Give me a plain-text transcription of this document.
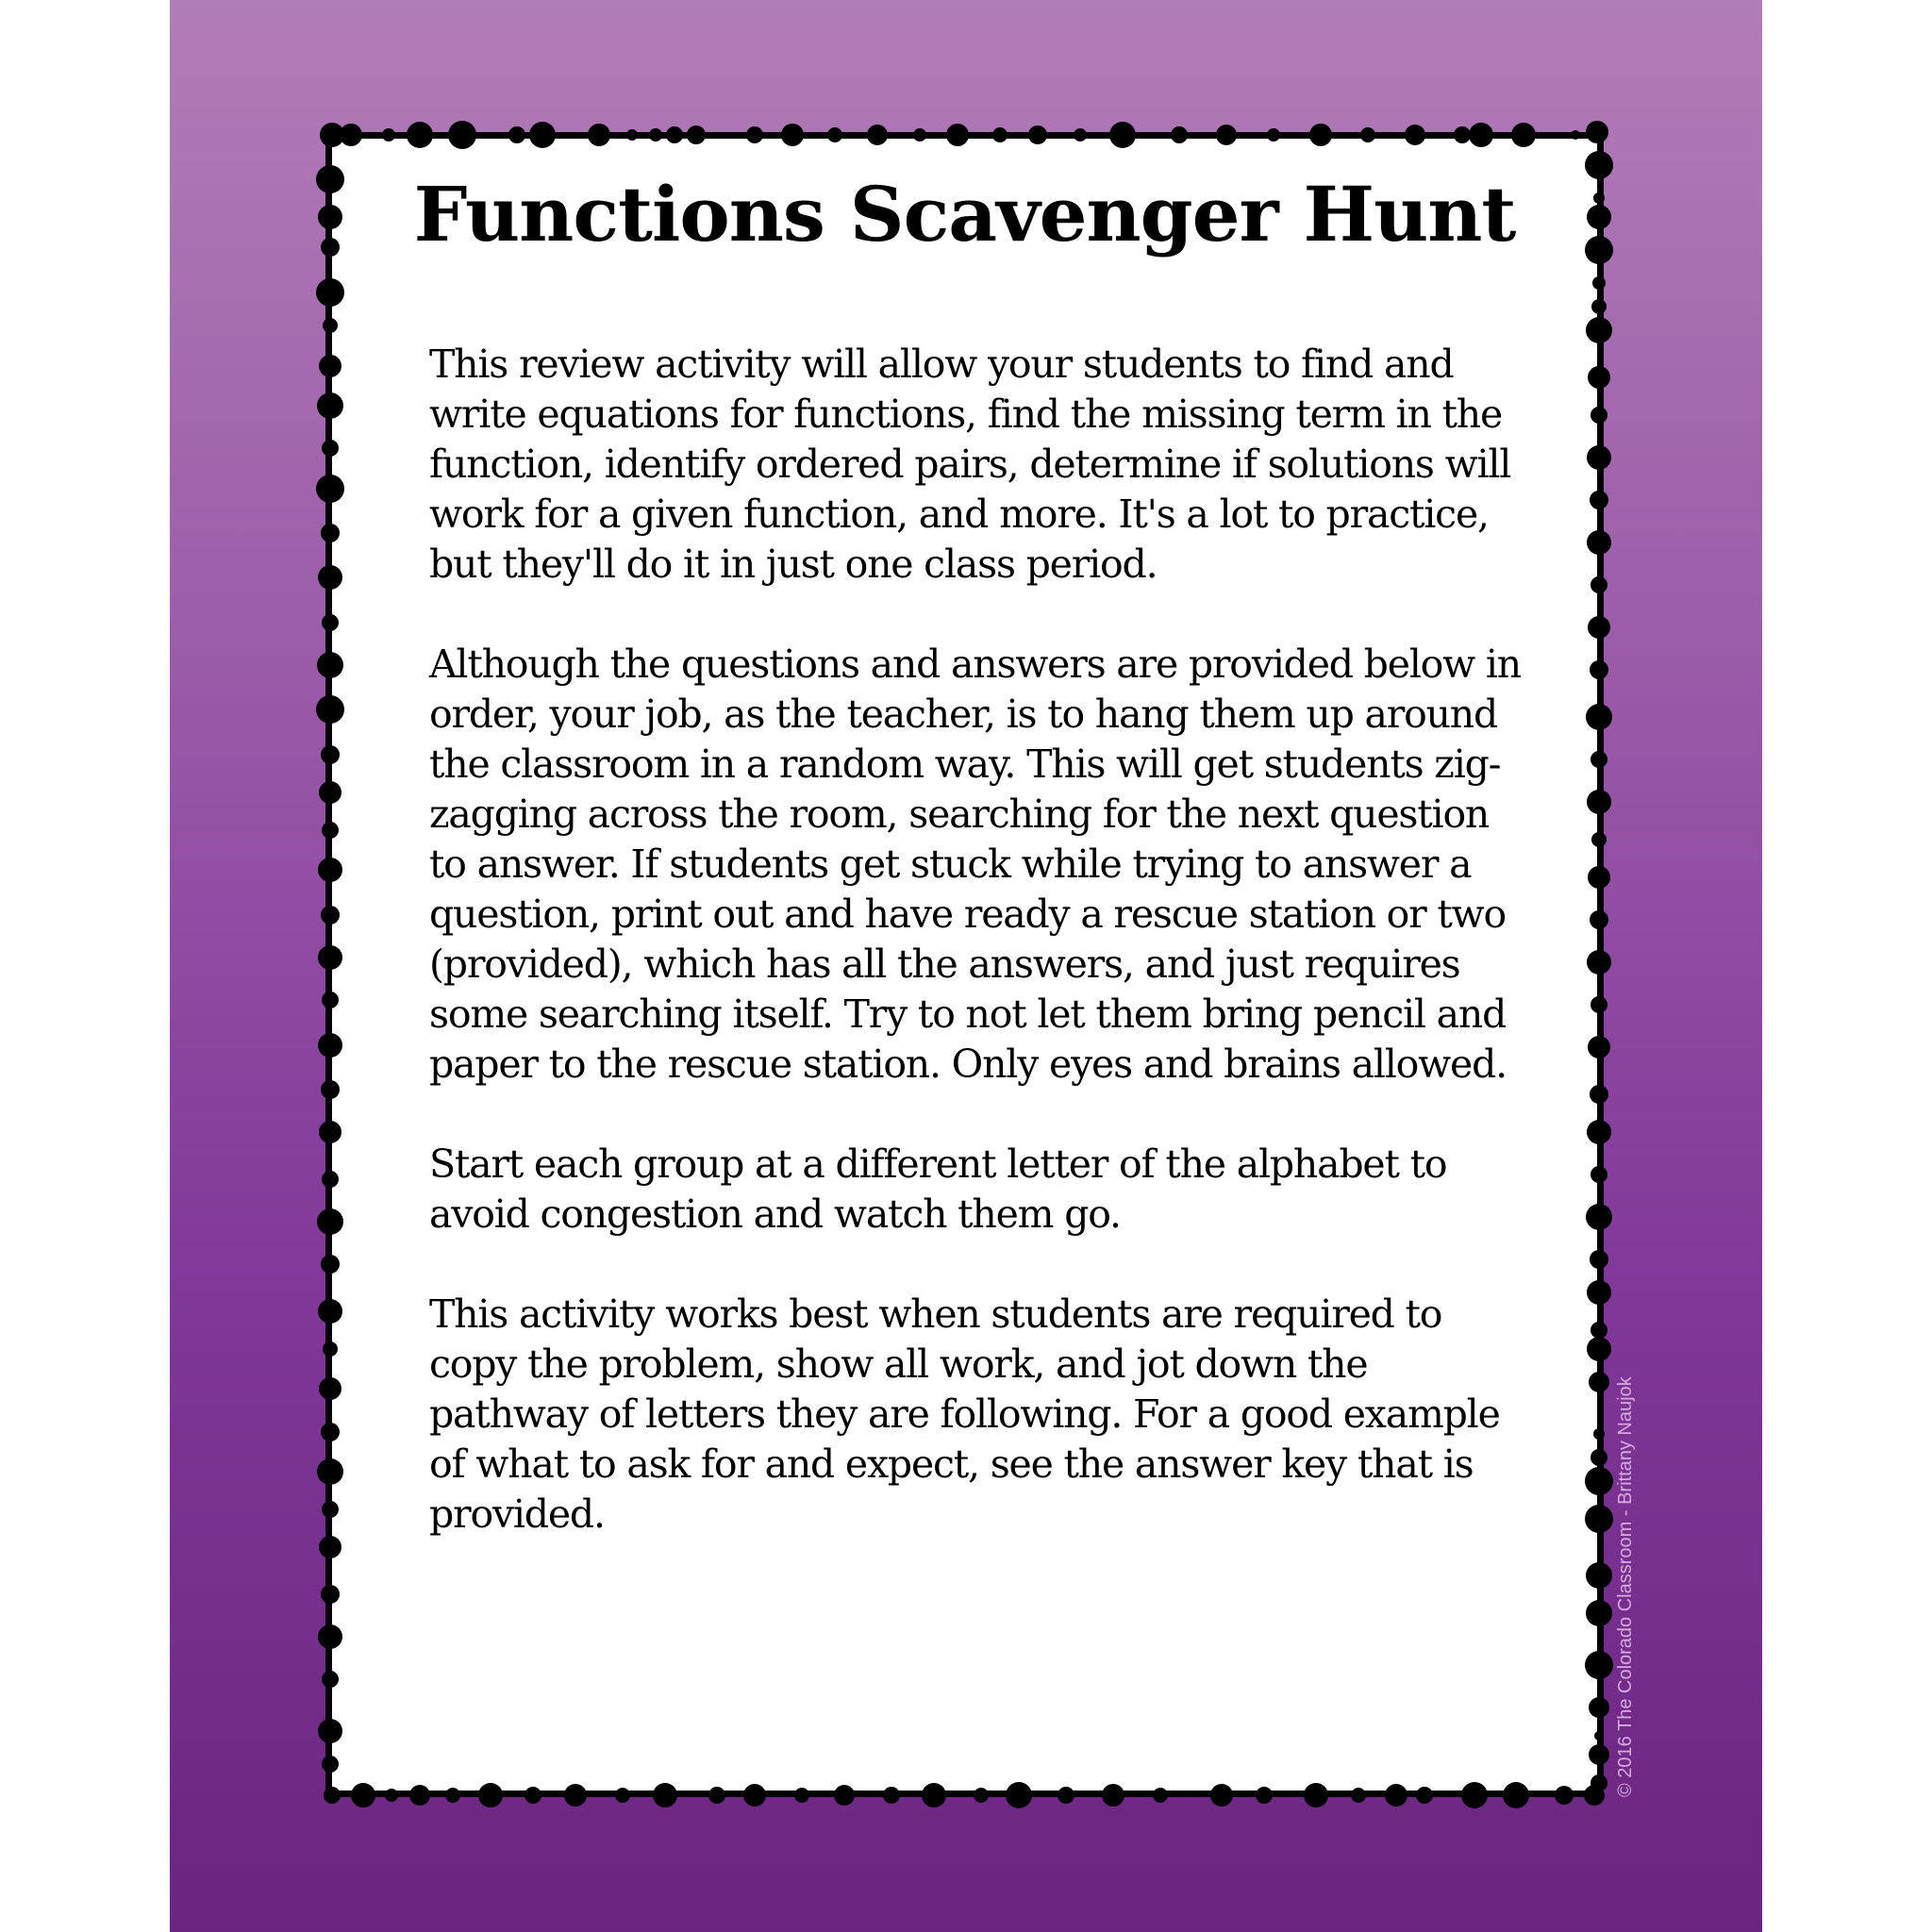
Functions Scavenger Hunt

This review activity will allow your students to find and write equations for functions, find the missing term in the function, identify ordered pairs, determine if solutions will work for a given function, and more. It's a lot to practice, but they'll do it in just one class period.

Although the questions and answers are provided below in order, your job, as the teacher, is to hang them up around the classroom in a random way. This will get students zig-zagging across the room, searching for the next question to answer. If students get stuck while trying to answer a question, print out and have ready a rescue station or two (provided), which has all the answers, and just requires some searching itself. Try to not let them bring pencil and paper to the rescue station. Only eyes and brains allowed.

Start each group at a different letter of the alphabet to avoid congestion and watch them go.

This activity works best when students are required to copy the problem, show all work, and jot down the pathway of letters they are following. For a good example of what to ask for and expect, see the answer key that is provided.	© 2016 The Colorado Classroom - Brittany Naujok
